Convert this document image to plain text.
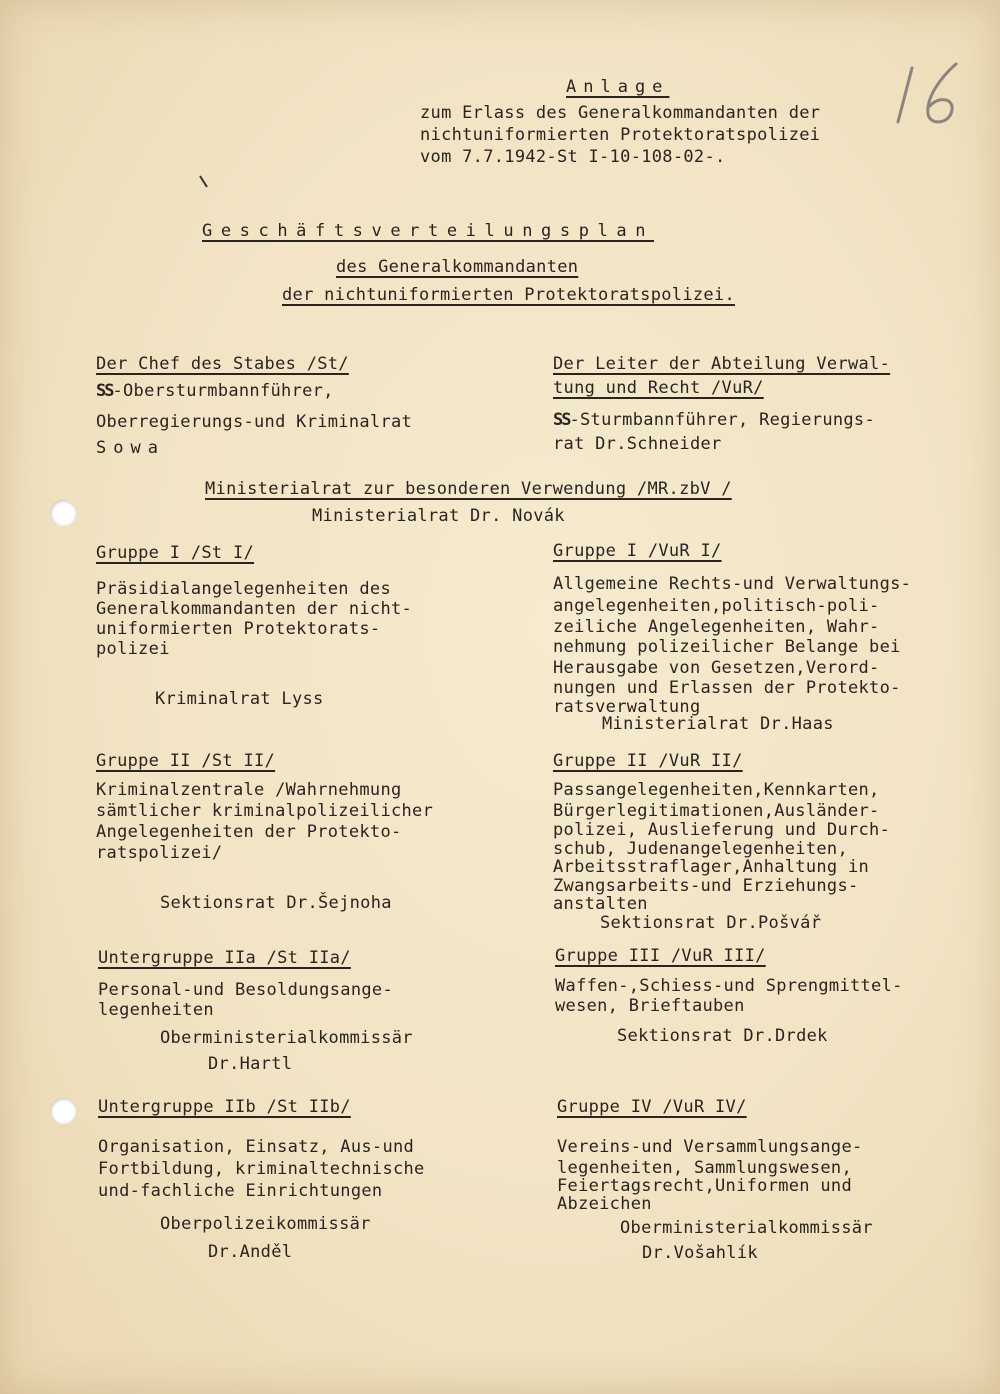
Anlage
zum Erlass des Generalkommandanten der
nichtuniformierten Protektoratspolizei
vom 7.7.1942-St I-10-108-02-.
Geschäftsverteilungsplan
des Generalkommandanten
der nichtuniformierten Protektoratspolizei.
Der Chef des Stabes /St/
SS-Obersturmbannführer,
Oberregierungs-und Kriminalrat
Sowa
Der Leiter der Abteilung Verwal-
tung und Recht /VuR/
SS-Sturmbannführer, Regierungs-
rat Dr.Schneider
Ministerialrat zur besonderen Verwendung /MR.zbV /
Ministerialrat Dr. Novák
Gruppe I /St I/
Präsidialangelegenheiten des
Generalkommandanten der nicht-
uniformierten Protektorats-
polizei
Kriminalrat Lyss
Gruppe II /St II/
Kriminalzentrale /Wahrnehmung
sämtlicher kriminalpolizeilicher
Angelegenheiten der Protekto-
ratspolizei/
Sektionsrat Dr.Šejnoha
Untergruppe IIa /St IIa/
Personal-und Besoldungsange-
legenheiten
Oberministerialkommissär
Dr.Hartl
Untergruppe IIb /St IIb/
Organisation, Einsatz, Aus-und
Fortbildung, kriminaltechnische
und-fachliche Einrichtungen
Oberpolizeikommissär
Dr.Anděl
Gruppe I /VuR I/
Allgemeine Rechts-und Verwaltungs-
angelegenheiten,politisch-poli-
zeiliche Angelegenheiten, Wahr-
nehmung polizeilicher Belange bei
Herausgabe von Gesetzen,Verord-
nungen und Erlassen der Protekto-
ratsverwaltung
Ministerialrat Dr.Haas
Gruppe II /VuR II/
Passangelegenheiten,Kennkarten,
Bürgerlegitimationen,Ausländer-
polizei, Auslieferung und Durch-
schub, Judenangelegenheiten,
Arbeitsstraflager,Anhaltung in
Zwangsarbeits-und Erziehungs-
anstalten
Sektionsrat Dr.Pošvář
Gruppe III /VuR III/
Waffen-,Schiess-und Sprengmittel-
wesen, Brieftauben
Sektionsrat Dr.Drdek
Gruppe IV /VuR IV/
Vereins-und Versammlungsange-
legenheiten, Sammlungswesen,
Feiertagsrecht,Uniformen und
Abzeichen
Oberministerialkommissär
Dr.Vošahlík
